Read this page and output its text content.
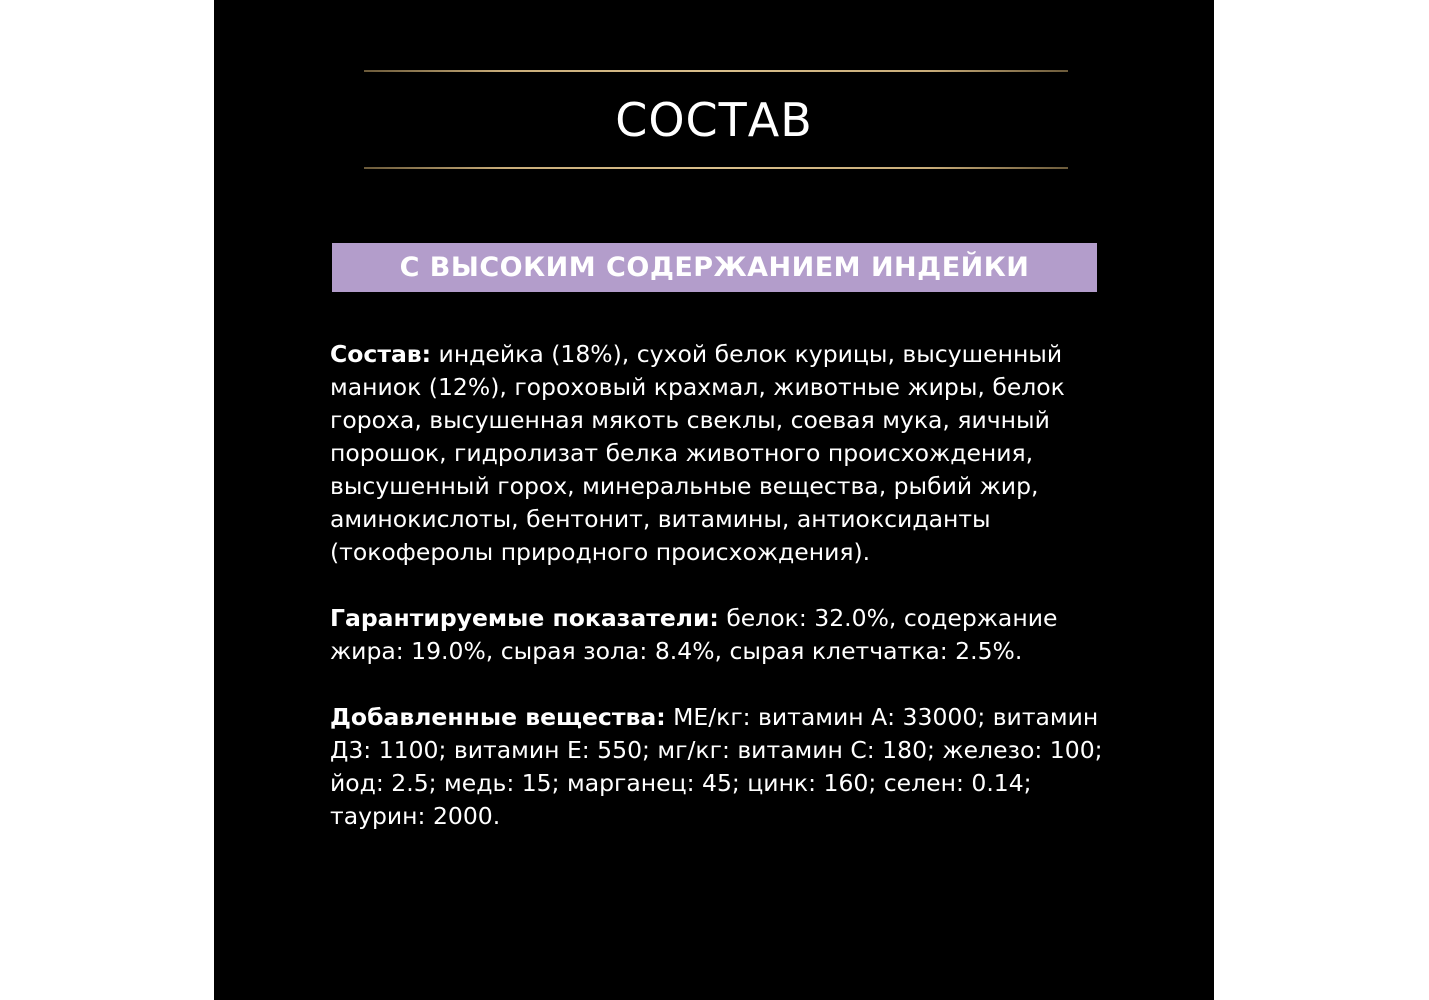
СОСТАВ
С ВЫСОКИМ СОДЕРЖАНИЕМ ИНДЕЙКИ

Состав: индейка (18%), сухой белок курицы, высушенный маниок (12%), гороховый крахмал, животные жиры, белок гороха, высушенная мякоть свеклы, соевая мука, яичный порошок, гидролизат белка животного происхождения, высушенный горох, минеральные вещества, рыбий жир, аминокислоты, бентонит, витамины, антиоксиданты (токоферолы природного происхождения).

Гарантируемые показатели: белок: 32.0%, содержание жира: 19.0%, сырая зола: 8.4%, сырая клетчатка: 2.5%.

Добавленные вещества: МЕ/кг: витамин А: 33000; витамин Д3: 1100; витамин Е: 550; мг/кг: витамин С: 180; железо: 100; йод: 2.5; медь: 15; марганец: 45; цинк: 160; селен: 0.14; таурин: 2000.
